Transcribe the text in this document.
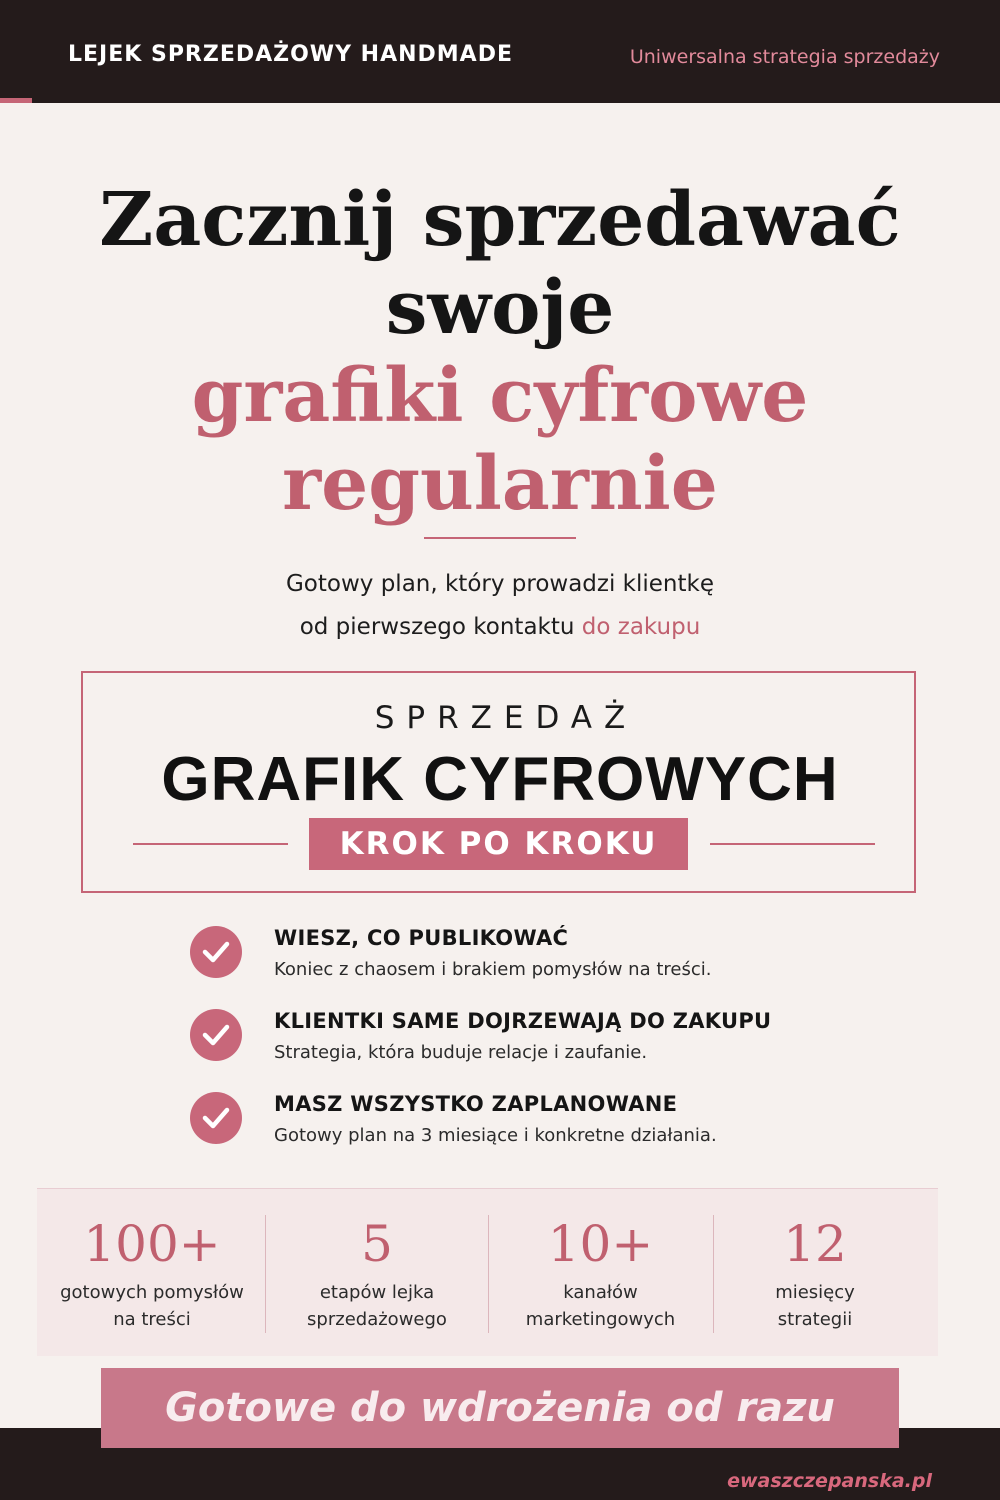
LEJEK SPRZEDAŻOWY HANDMADE	Uniwersalna strategia sprzedaży
Zacznij sprzedawać
swoje
grafiki cyfrowe
regularnie
Gotowy plan, który prowadzi klientkę
od pierwszego kontaktu do zakupu
SPRZEDAŻ
GRAFIK CYFROWYCH
KROK PO KROKU
WIESZ, CO PUBLIKOWAĆ
Koniec z chaosem i brakiem pomysłów na treści.
KLIENTKI SAME DOJRZEWAJĄ DO ZAKUPU
Strategia, która buduje relacje i zaufanie.
MASZ WSZYSTKO ZAPLANOWANE
Gotowy plan na 3 miesiące i konkretne działania.
100+
gotowych pomysłów
na treści
5
etapów lejka
sprzedażowego
10+
kanałów
marketingowych
12
miesięcy
strategii
Gotowe do wdrożenia od razu
ewaszczepanska.pl
